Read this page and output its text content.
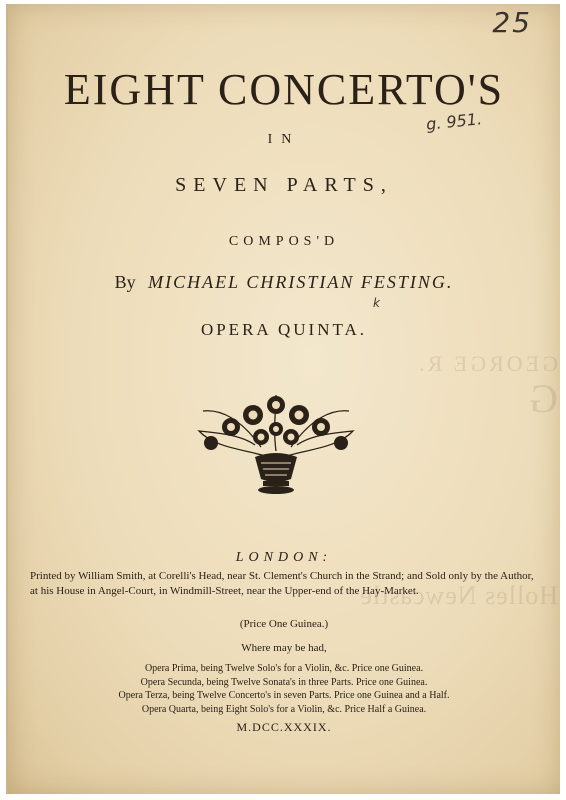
GEORGE R.
G
Holles Newcastle
25
g. 951.
k
EIGHT CONCERTO'S
IN
SEVEN PARTS,
COMPOS'D
By MICHAEL CHRISTIAN FESTING.
OPERA QUINTA.
LONDON:
Printed by William Smith, at Corelli's Head, near St. Clement's Church in the Strand; and Sold only by the Author, at his House in Angel-Court, in Windmill-Street, near the Upper-end of the Hay-Market.
(Price One Guinea.)
Where may be had,
Opera Prima, being Twelve Solo's for a Violin, &c. Price one Guinea.
Opera Secunda, being Twelve Sonata's in three Parts. Price one Guinea.
Opera Terza, being Twelve Concerto's in seven Parts. Price one Guinea and a Half.
Opera Quarta, being Eight Solo's for a Violin, &c. Price Half a Guinea.
M.DCC.XXXIX.
